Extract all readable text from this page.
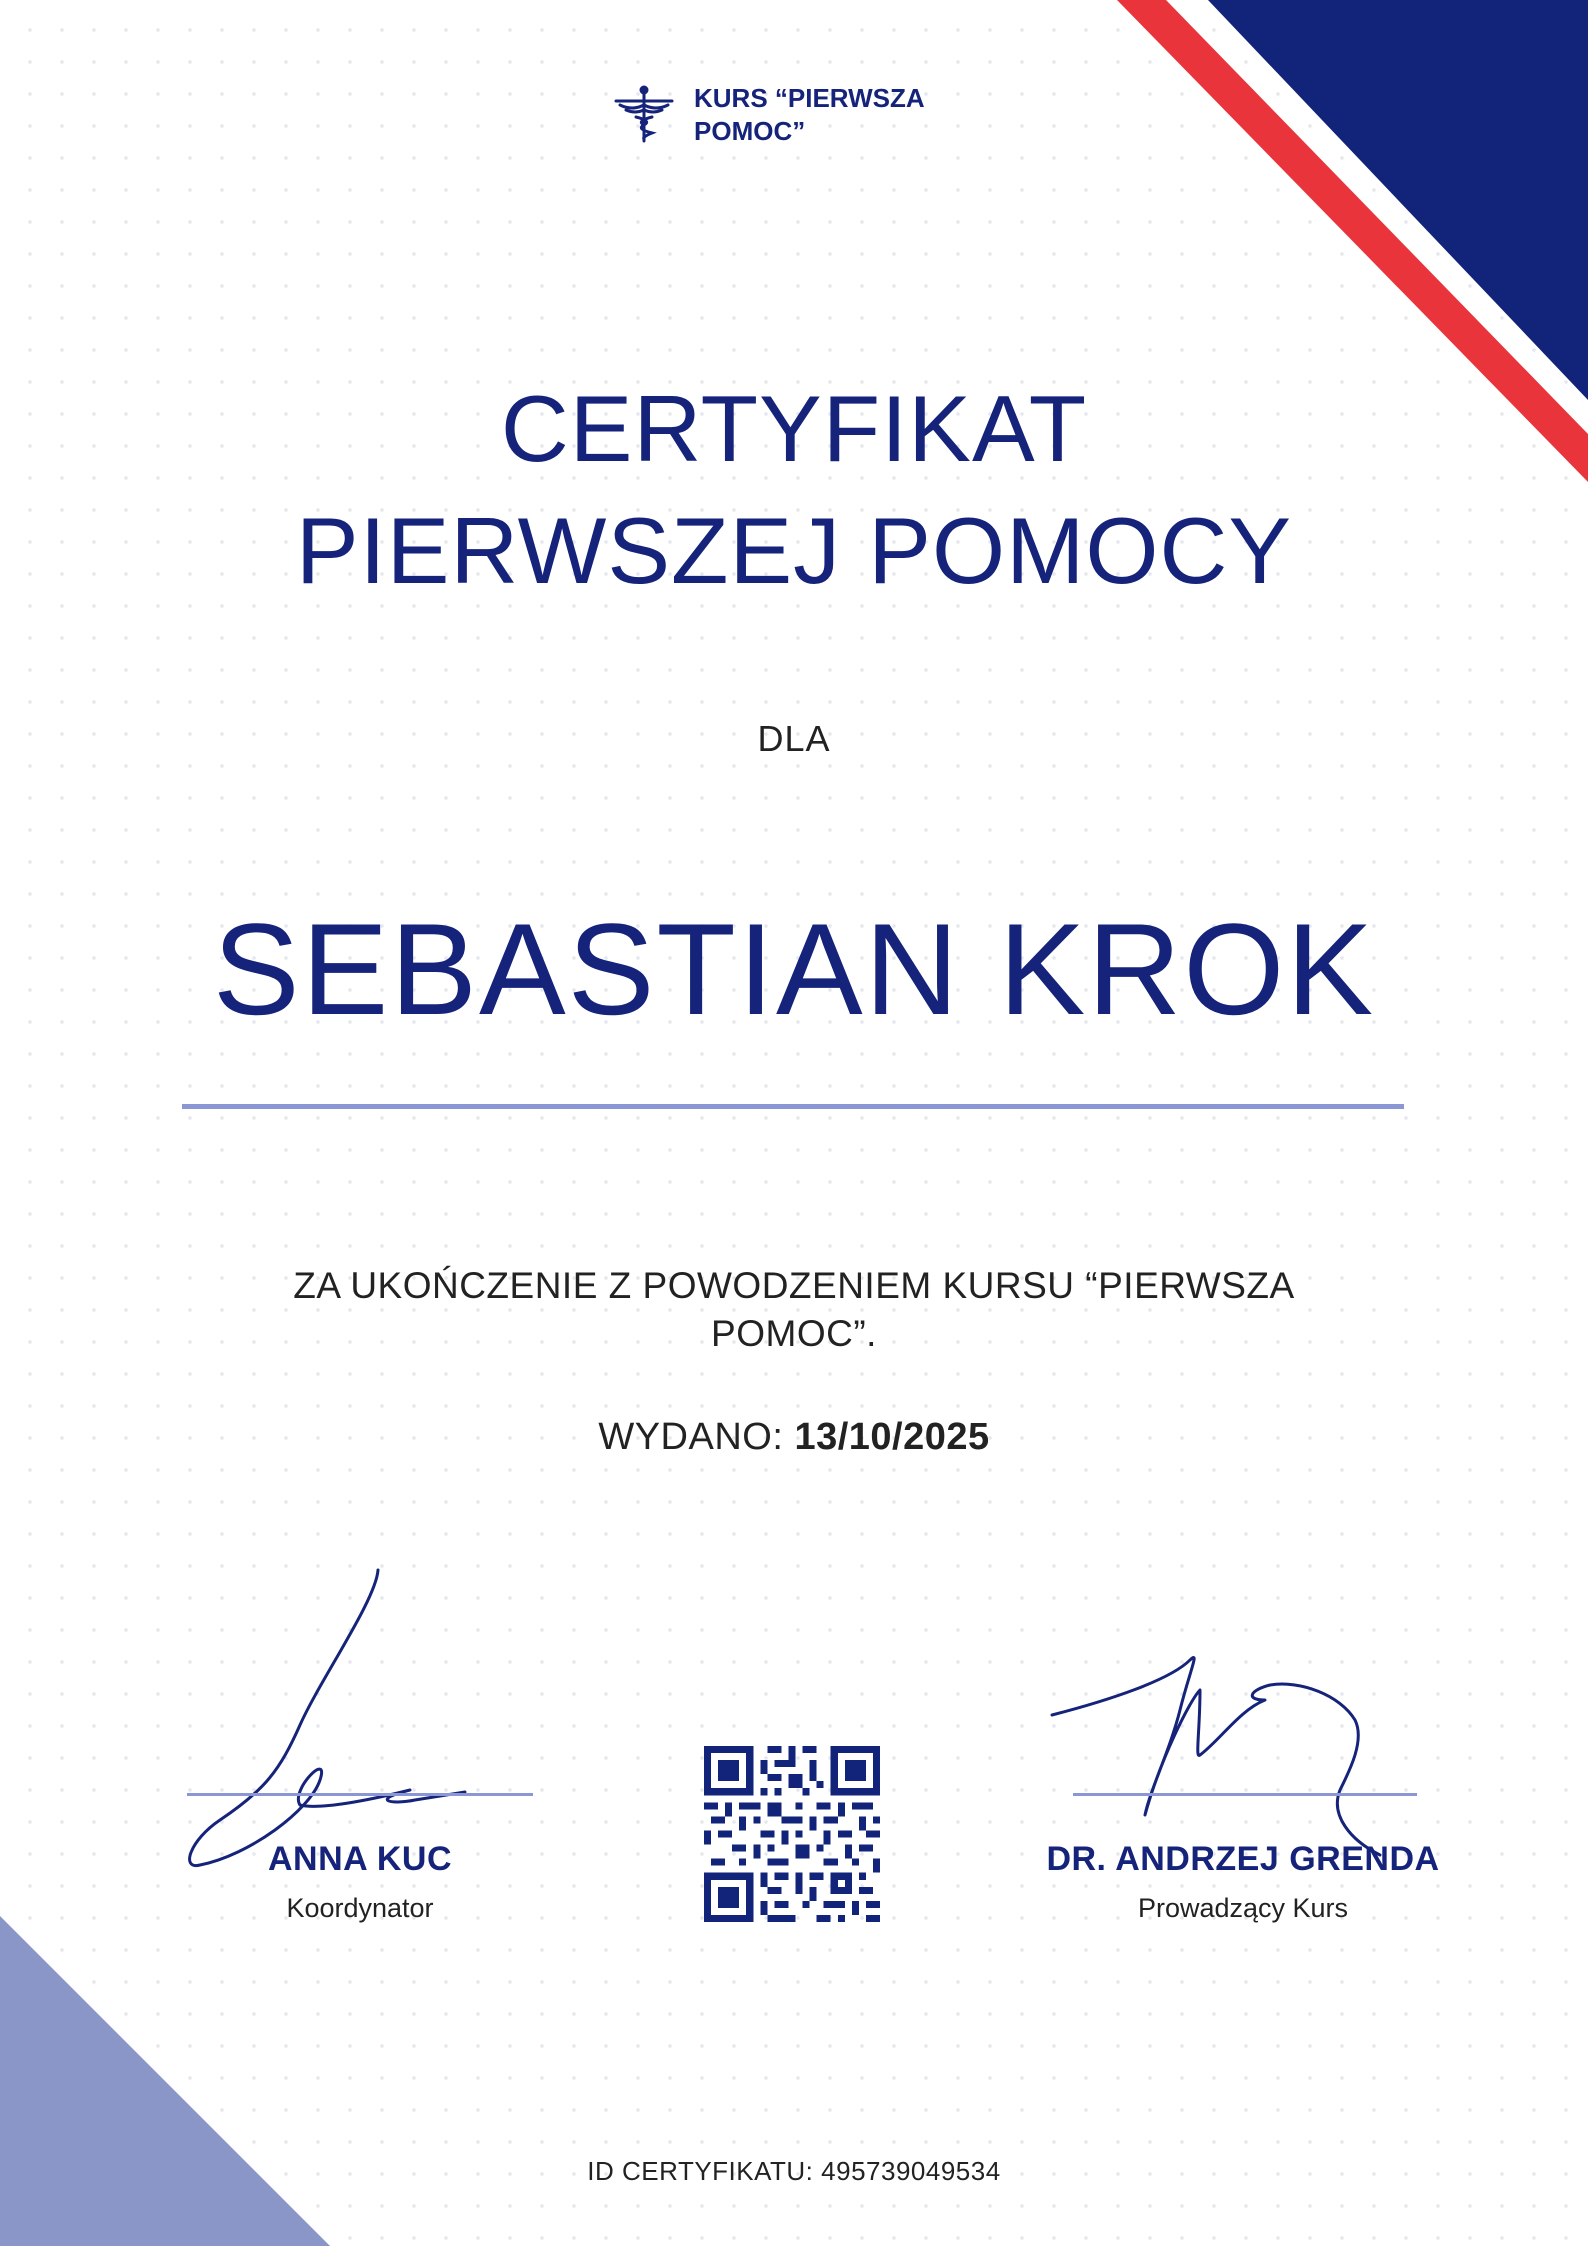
KURS “PIERWSZA POMOC”
CERTYFIKAT
PIERWSZEJ POMOCY
DLA
SEBASTIAN KROK
ZA UKOŃCZENIE Z POWODZENIEM KURSU “PIERWSZA POMOC”.
WYDANO: 13/10/2025
ANNA KUC
Koordynator
DR. ANDRZEJ GRENDA
Prowadzący Kurs
ID CERTYFIKATU: 495739049534
